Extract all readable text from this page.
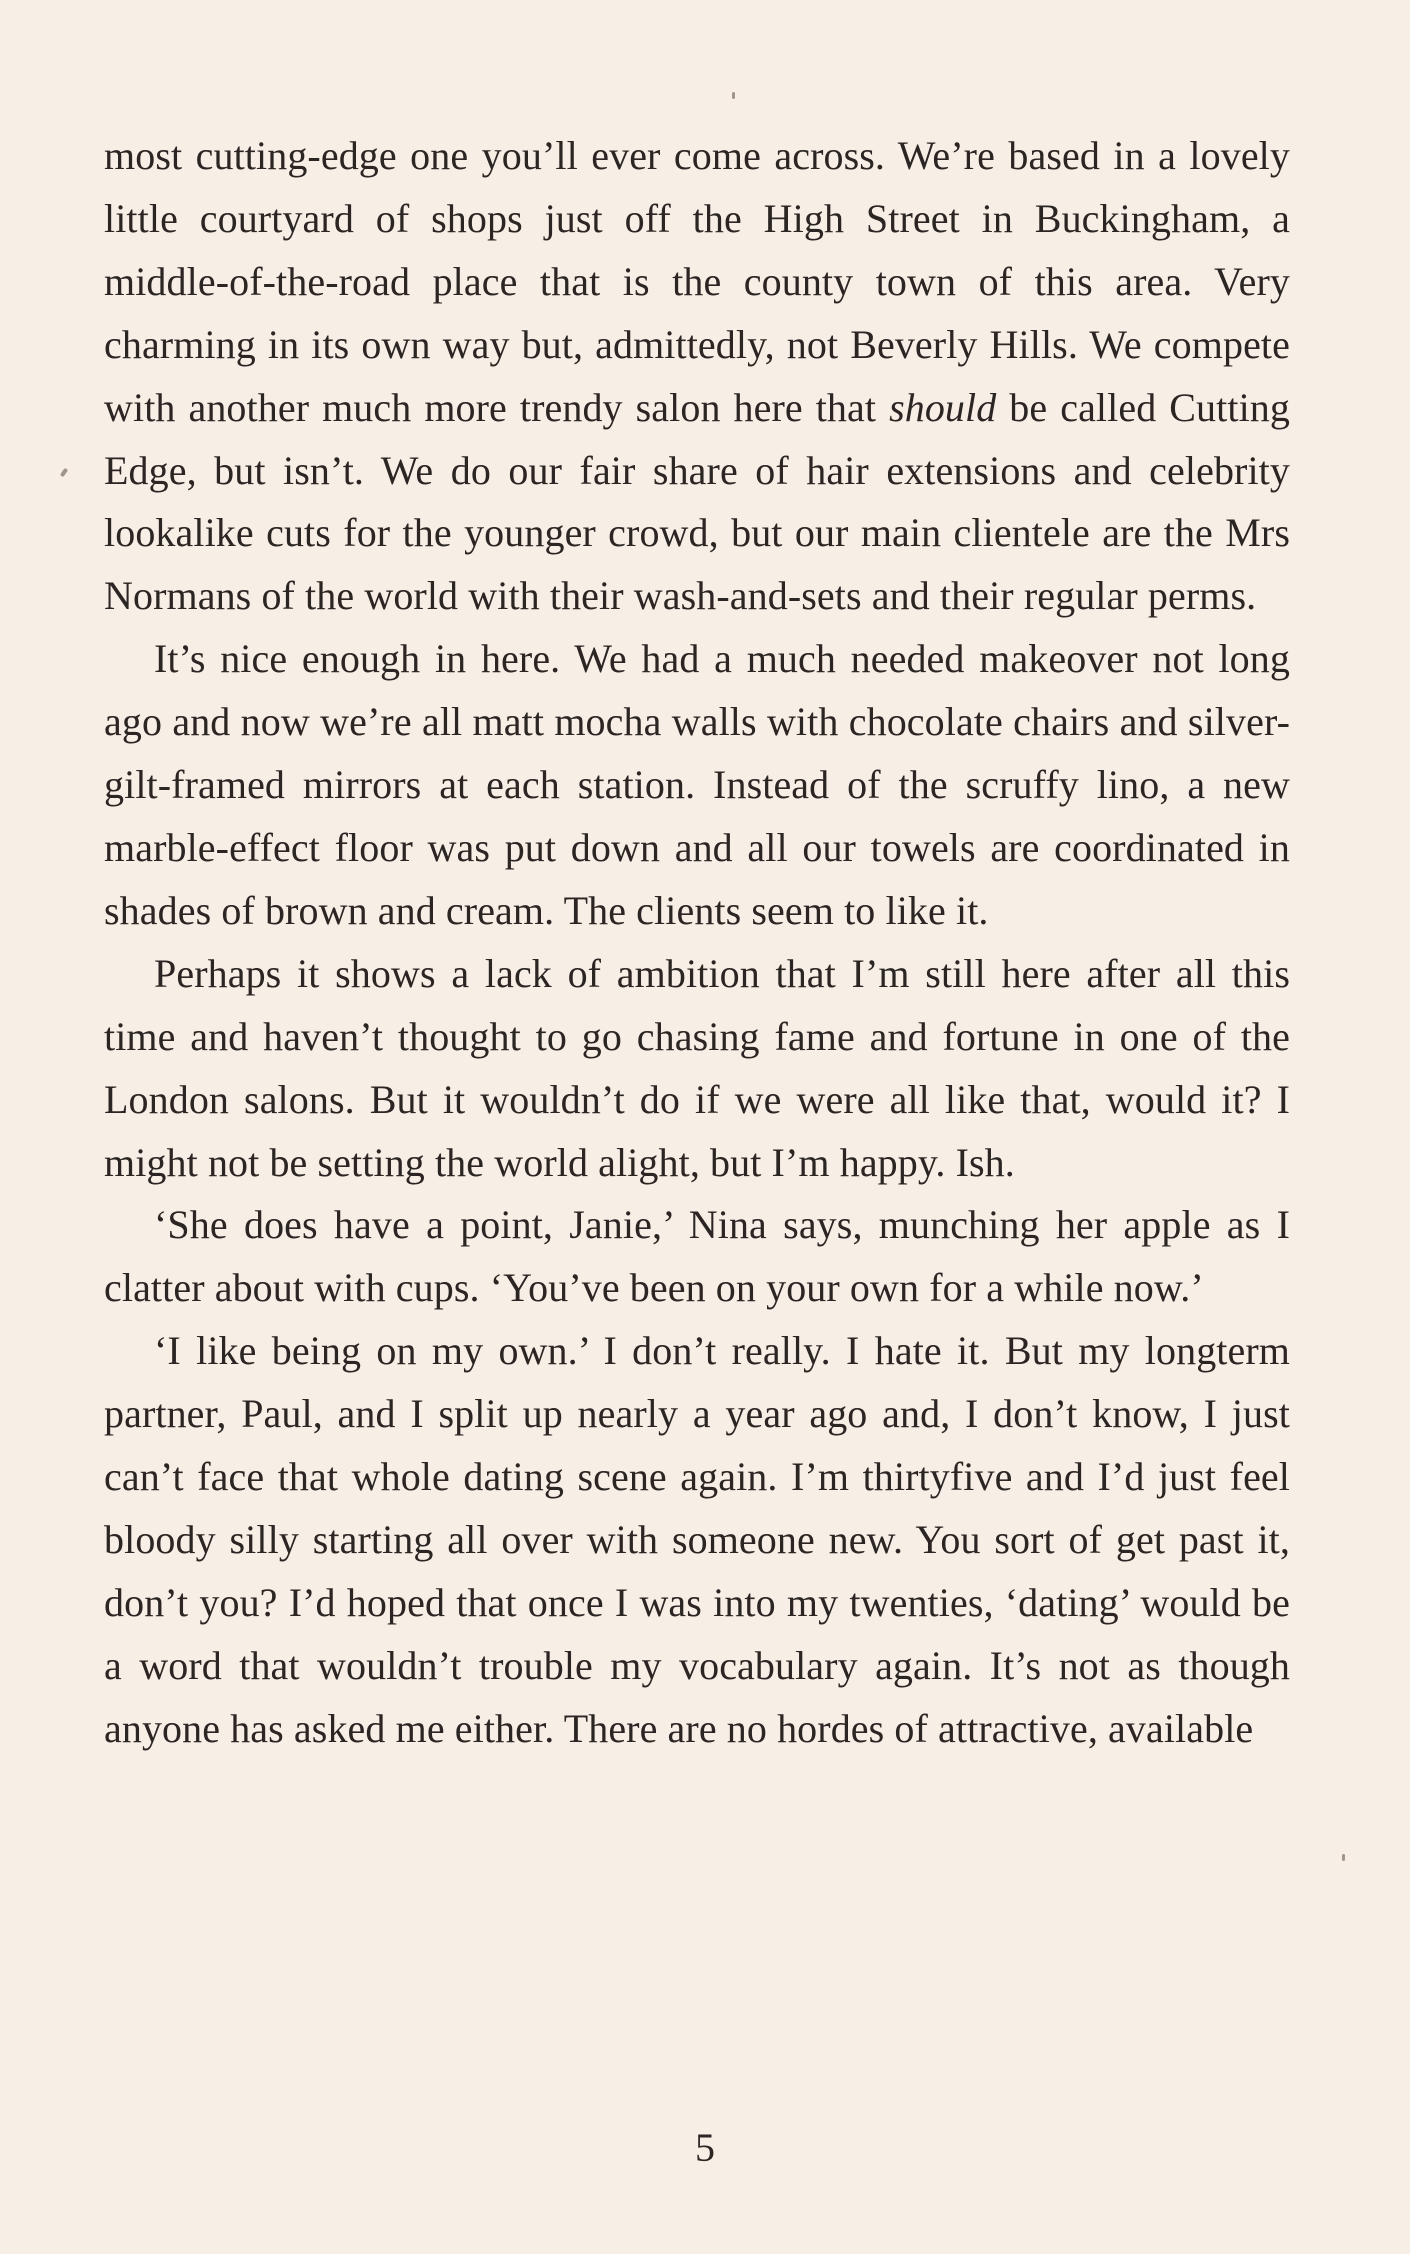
most cutting-edge one you’ll ever come across. We’re based in a lovely little courtyard of shops just off the High Street in Buckingham, a middle-of-the-road place that is the county town of this area. Very charming in its own way but, admittedly, not Beverly Hills. We compete with another much more trendy salon here that should be called Cutting Edge, but isn’t. We do our fair share of hair extensions and celebrity lookalike cuts for the younger crowd, but our main clientele are the Mrs Normans of the world with their wash-and-sets and their regular perms.

It’s nice enough in here. We had a much needed makeover not long ago and now we’re all matt mocha walls with chocolate chairs and silver-gilt-framed mirrors at each station. Instead of the scruffy lino, a new marble-effect floor was put down and all our towels are coordinated in shades of brown and cream. The clients seem to like it.

Perhaps it shows a lack of ambition that I’m still here after all this time and haven’t thought to go chasing fame and fortune in one of the London salons. But it wouldn’t do if we were all like that, would it? I might not be setting the world alight, but I’m happy. Ish.

‘She does have a point, Janie,’ Nina says, munching her apple as I clatter about with cups. ‘You’ve been on your own for a while now.’

‘I like being on my own.’ I don’t really. I hate it. But my longterm partner, Paul, and I split up nearly a year ago and, I don’t know, I just can’t face that whole dating scene again. I’m thirtyfive and I’d just feel bloody silly starting all over with someone new. You sort of get past it, don’t you? I’d hoped that once I was into my twenties, ‘dating’ would be a word that wouldn’t trouble my vocabulary again. It’s not as though anyone has asked me either. There are no hordes of attractive, available

5
